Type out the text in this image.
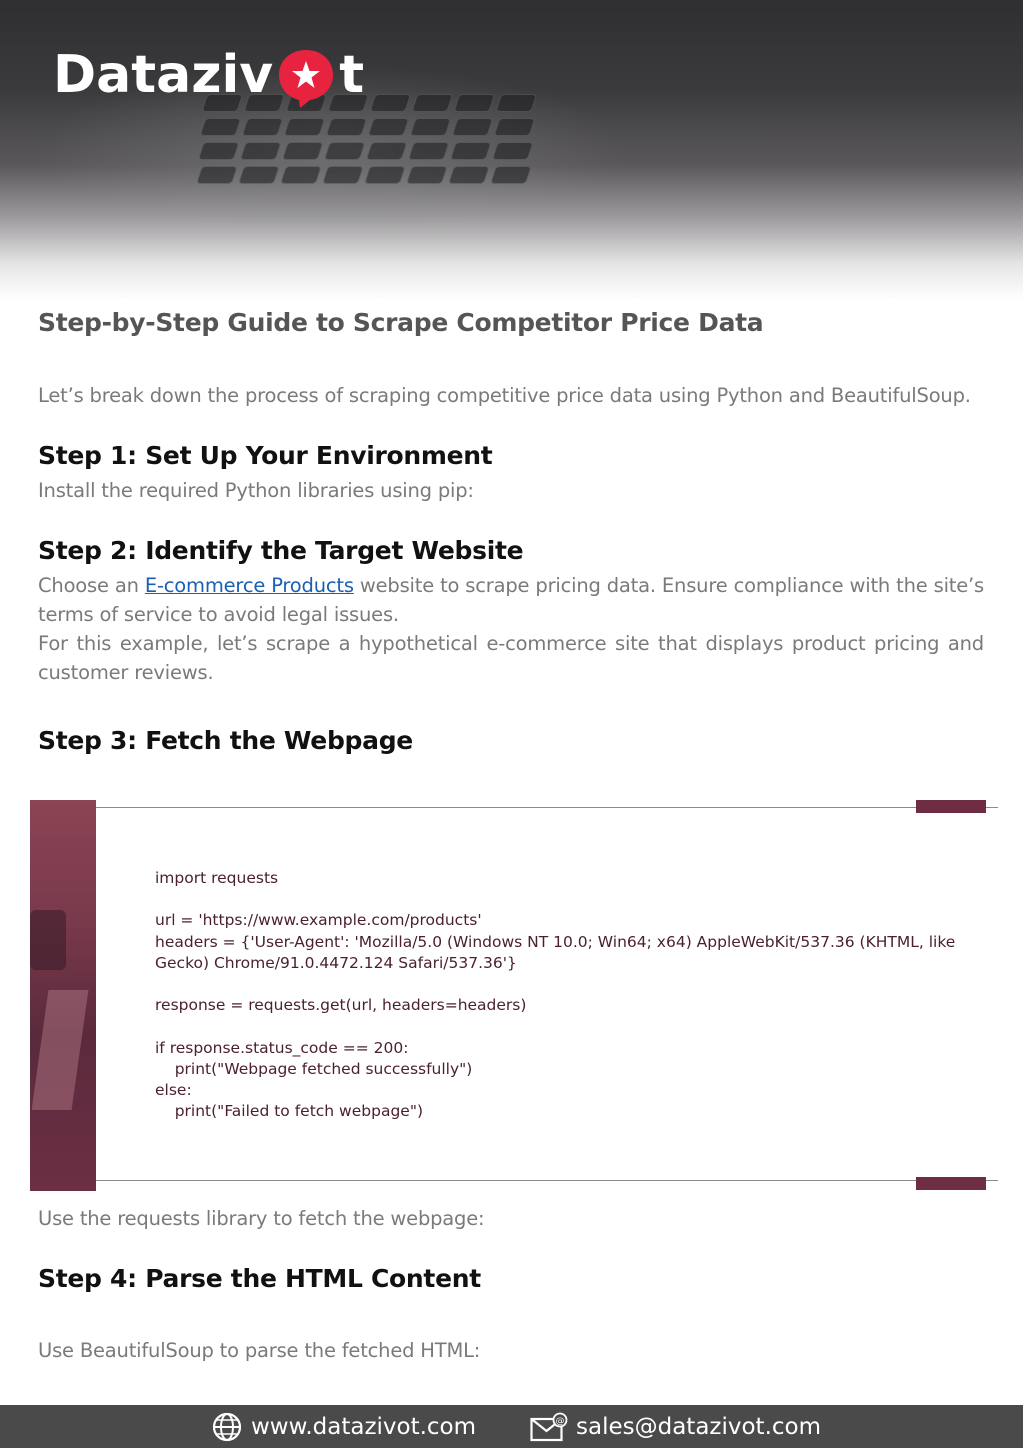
Dataziv t
Step-by-Step Guide to Scrape Competitor Price Data

Let’s break down the process of scraping competitive price data using Python and BeautifulSoup.

Step 1: Set Up Your Environment

Install the required Python libraries using pip:

Step 2: Identify the Target Website

Choose an E-commerce Products website to scrape pricing data. Ensure compliance with the site’s terms of service to avoid legal issues.

For this example, let’s scrape a hypothetical e-commerce site that displays product pricing and customer reviews.

Step 3: Fetch the Webpage
import requests

url = 'https://www.example.com/products'
headers = {'User-Agent': 'Mozilla/5.0 (Windows NT 10.0; Win64; x64) AppleWebKit/537.36 (KHTML, like Gecko) Chrome/91.0.4472.124 Safari/537.36'}

response = requests.get(url, headers=headers)

if response.status_code == 200:
print("Webpage fetched successfully")
else:
print("Failed to fetch webpage")

Use the requests library to fetch the webpage:

Step 4: Parse the HTML Content

Use BeautifulSoup to parse the fetched HTML:

www.datazivot.com	@ sales@datazivot.com
